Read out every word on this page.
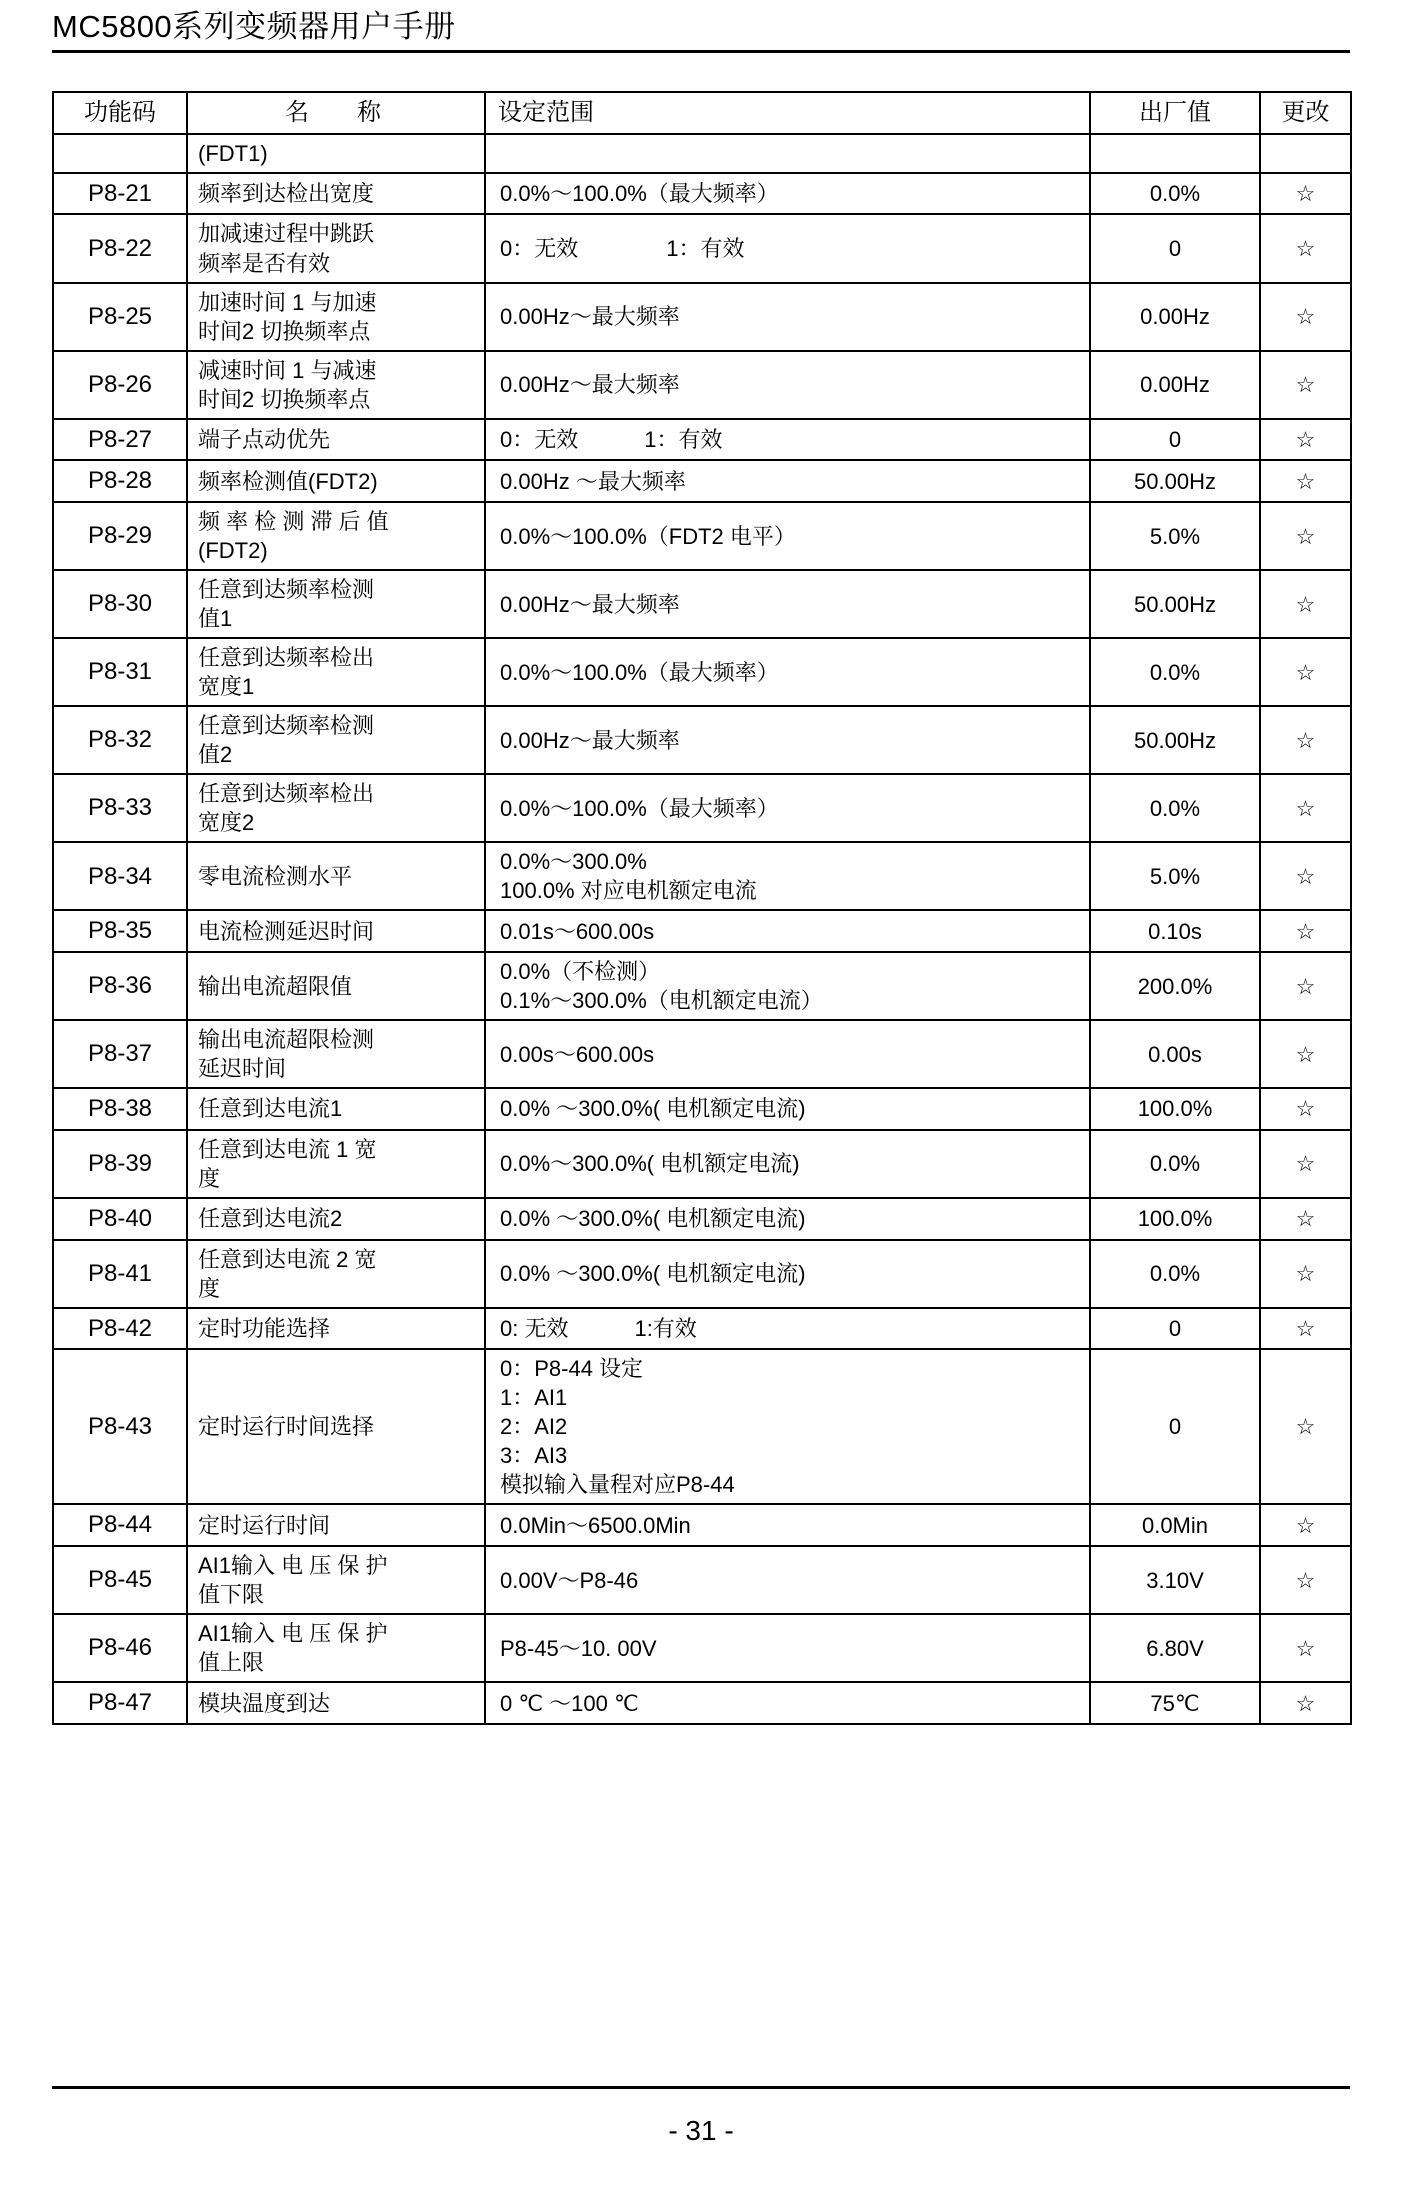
MC5800系列变频器用户手册
功能码	名　称	设定范围	出厂值	更改
	(FDT1)			
P8-21	频率到达检出宽度	0.0%～100.0%（最大频率）	0.0%	☆
P8-22	加减速过程中跳跃
频率是否有效	0：无效　　　　1：有效	0	☆
P8-25	加速时间 1 与加速
时间2 切换频率点	0.00Hz～最大频率	0.00Hz	☆
P8-26	减速时间 1 与减速
时间2 切换频率点	0.00Hz～最大频率	0.00Hz	☆
P8-27	端子点动优先	0：无效　　　1：有效	0	☆
P8-28	频率检测值(FDT2)	0.00Hz ～最大频率	50.00Hz	☆
P8-29	频 率 检 测 滞 后 值
(FDT2)	0.0%～100.0%（FDT2 电平）	5.0%	☆
P8-30	任意到达频率检测
值1	0.00Hz～最大频率	50.00Hz	☆
P8-31	任意到达频率检出
宽度1	0.0%～100.0%（最大频率）	0.0%	☆
P8-32	任意到达频率检测
值2	0.00Hz～最大频率	50.00Hz	☆
P8-33	任意到达频率检出
宽度2	0.0%～100.0%（最大频率）	0.0%	☆
P8-34	零电流检测水平	0.0%～300.0%
100.0% 对应电机额定电流	5.0%	☆
P8-35	电流检测延迟时间	0.01s～600.00s	0.10s	☆
P8-36	输出电流超限值	0.0%（不检测）
0.1%～300.0%（电机额定电流）	200.0%	☆
P8-37	输出电流超限检测
延迟时间	0.00s～600.00s	0.00s	☆
P8-38	任意到达电流1	0.0% ～300.0%( 电机额定电流)	100.0%	☆
P8-39	任意到达电流 1 宽
度	0.0%～300.0%( 电机额定电流)	0.0%	☆
P8-40	任意到达电流2	0.0% ～300.0%( 电机额定电流)	100.0%	☆
P8-41	任意到达电流 2 宽
度	0.0% ～300.0%( 电机额定电流)	0.0%	☆
P8-42	定时功能选择	0: 无效　　　1:有效	0	☆
P8-43	定时运行时间选择	0：P8-44 设定
1：AI1
2：AI2
3：AI3
模拟输入量程对应P8-44	0	☆
P8-44	定时运行时间	0.0Min～6500.0Min	0.0Min	☆
P8-45	AI1输入 电 压 保 护
值下限	0.00V～P8-46	3.10V	☆
P8-46	AI1输入 电 压 保 护
值上限	P8-45～10. 00V	6.80V	☆
P8-47	模块温度到达	0 ℃ ～100 ℃	75℃	☆
- 31 -
